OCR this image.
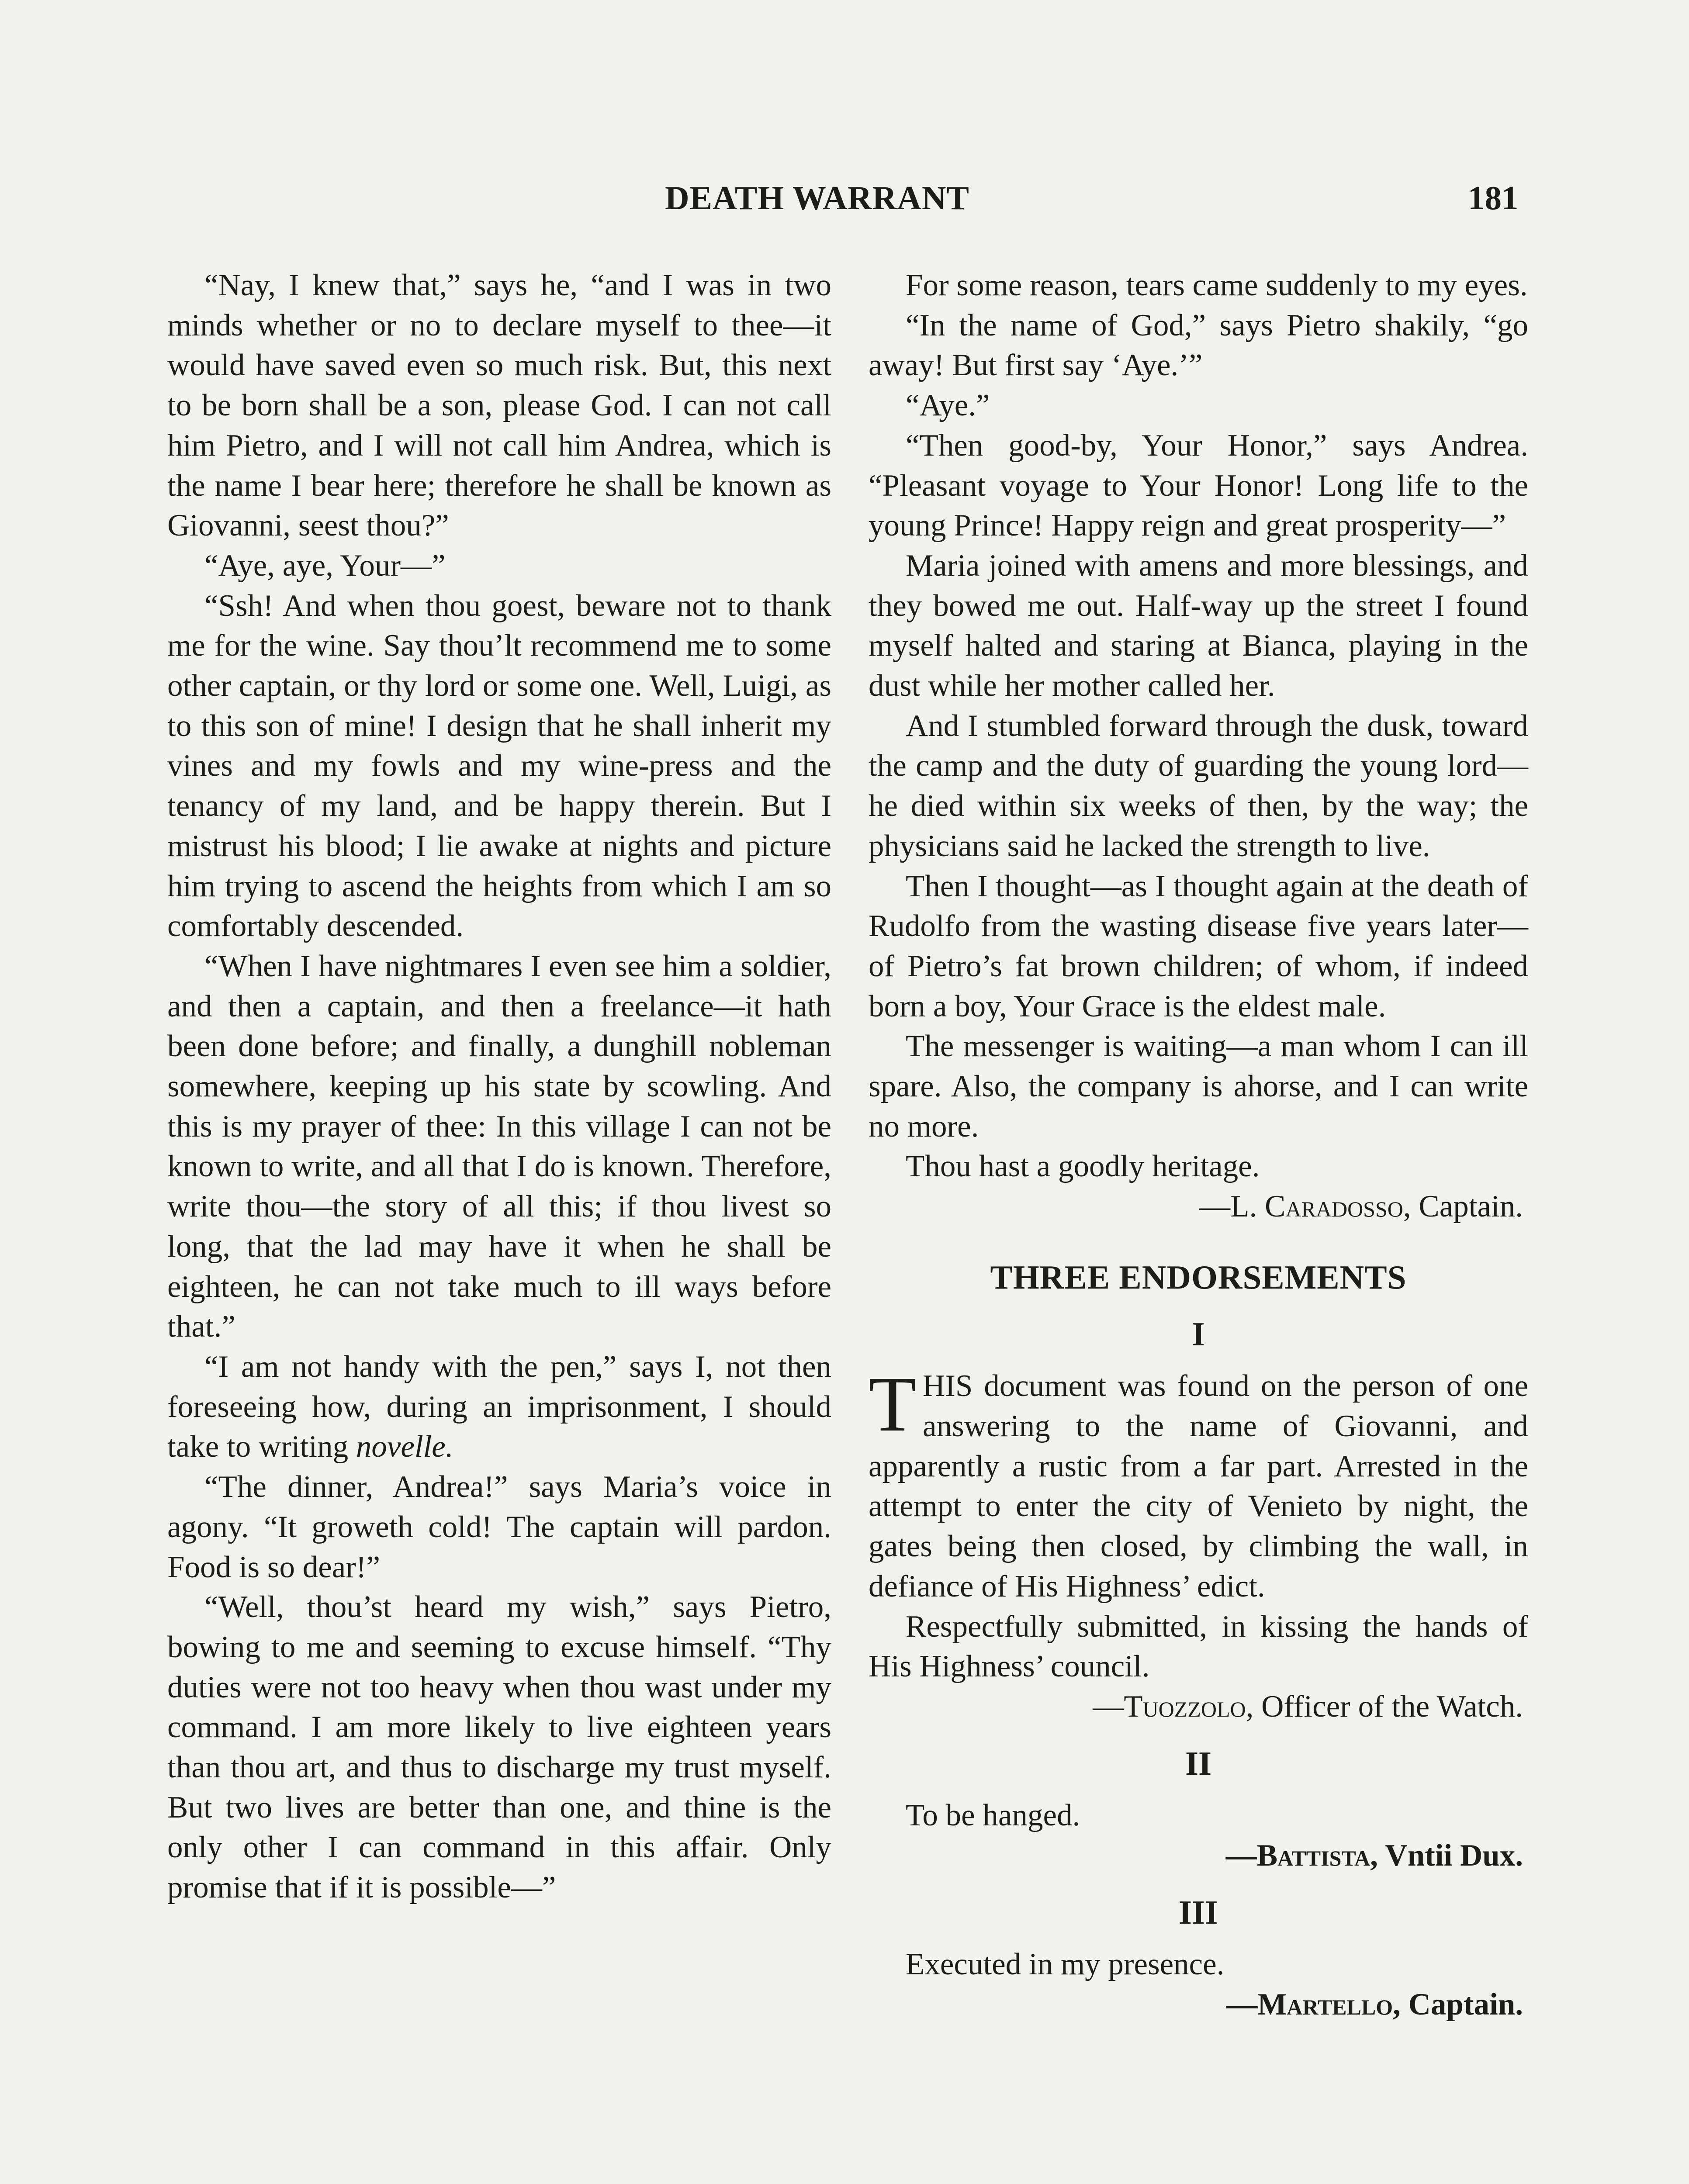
DEATH WARRANT	181

“Nay, I knew that,” says he, “and I was in two minds whether or no to declare myself to thee—it would have saved even so much risk. But, this next to be born shall be a son, please God. I can not call him Pietro, and I will not call him Andrea, which is the name I bear here; therefore he shall be known as Giovanni, seest thou?”

“Aye, aye, Your—”

“Ssh! And when thou goest, beware not to thank me for the wine. Say thou’lt recommend me to some other captain, or thy lord or some one. Well, Luigi, as to this son of mine! I design that he shall inherit my vines and my fowls and my wine-press and the tenancy of my land, and be happy therein. But I mistrust his blood; I lie awake at nights and picture him trying to ascend the heights from which I am so comfortably descended.

“When I have nightmares I even see him a soldier, and then a captain, and then a freelance—it hath been done before; and finally, a dunghill nobleman somewhere, keeping up his state by scowling. And this is my prayer of thee: In this village I can not be known to write, and all that I do is known. Therefore, write thou—the story of all this; if thou livest so long, that the lad may have it when he shall be eighteen, he can not take much to ill ways before that.”

“I am not handy with the pen,” says I, not then foreseeing how, during an imprisonment, I should take to writing novelle.

“The dinner, Andrea!” says Maria’s voice in agony. “It groweth cold! The captain will pardon. Food is so dear!”

“Well, thou’st heard my wish,” says Pietro, bowing to me and seeming to excuse himself. “Thy duties were not too heavy when thou wast under my command. I am more likely to live eighteen years than thou art, and thus to discharge my trust myself. But two lives are better than one, and thine is the only other I can command in this affair. Only promise that if it is possible—”

For some reason, tears came suddenly to my eyes.

“In the name of God,” says Pietro shakily, “go away! But first say ‘Aye.’”

“Aye.”

“Then good-by, Your Honor,” says Andrea. “Pleasant voyage to Your Honor! Long life to the young Prince! Happy reign and great prosperity—”

Maria joined with amens and more blessings, and they bowed me out. Half-way up the street I found myself halted and staring at Bianca, playing in the dust while her mother called her.

And I stumbled forward through the dusk, toward the camp and the duty of guarding the young lord—he died within six weeks of then, by the way; the physicians said he lacked the strength to live.

Then I thought—as I thought again at the death of Rudolfo from the wasting disease five years later—of Pietro’s fat brown children; of whom, if indeed born a boy, Your Grace is the eldest male.

The messenger is waiting—a man whom I can ill spare. Also, the company is ahorse, and I can write no more.

Thou hast a goodly heritage.

—L. Caradosso, Captain.

THREE ENDORSEMENTS
I

THIS document was found on the person of one answering to the name of Giovanni, and apparently a rustic from a far part. Arrested in the attempt to enter the city of Venieto by night, the gates being then closed, by climbing the wall, in defiance of His Highness’ edict.

Respectfully submitted, in kissing the hands of His Highness’ council.

—Tuozzolo, Officer of the Watch.

II

To be hanged.

—Battista, Vntii Dux.

III

Executed in my presence.

—Martello, Captain.
